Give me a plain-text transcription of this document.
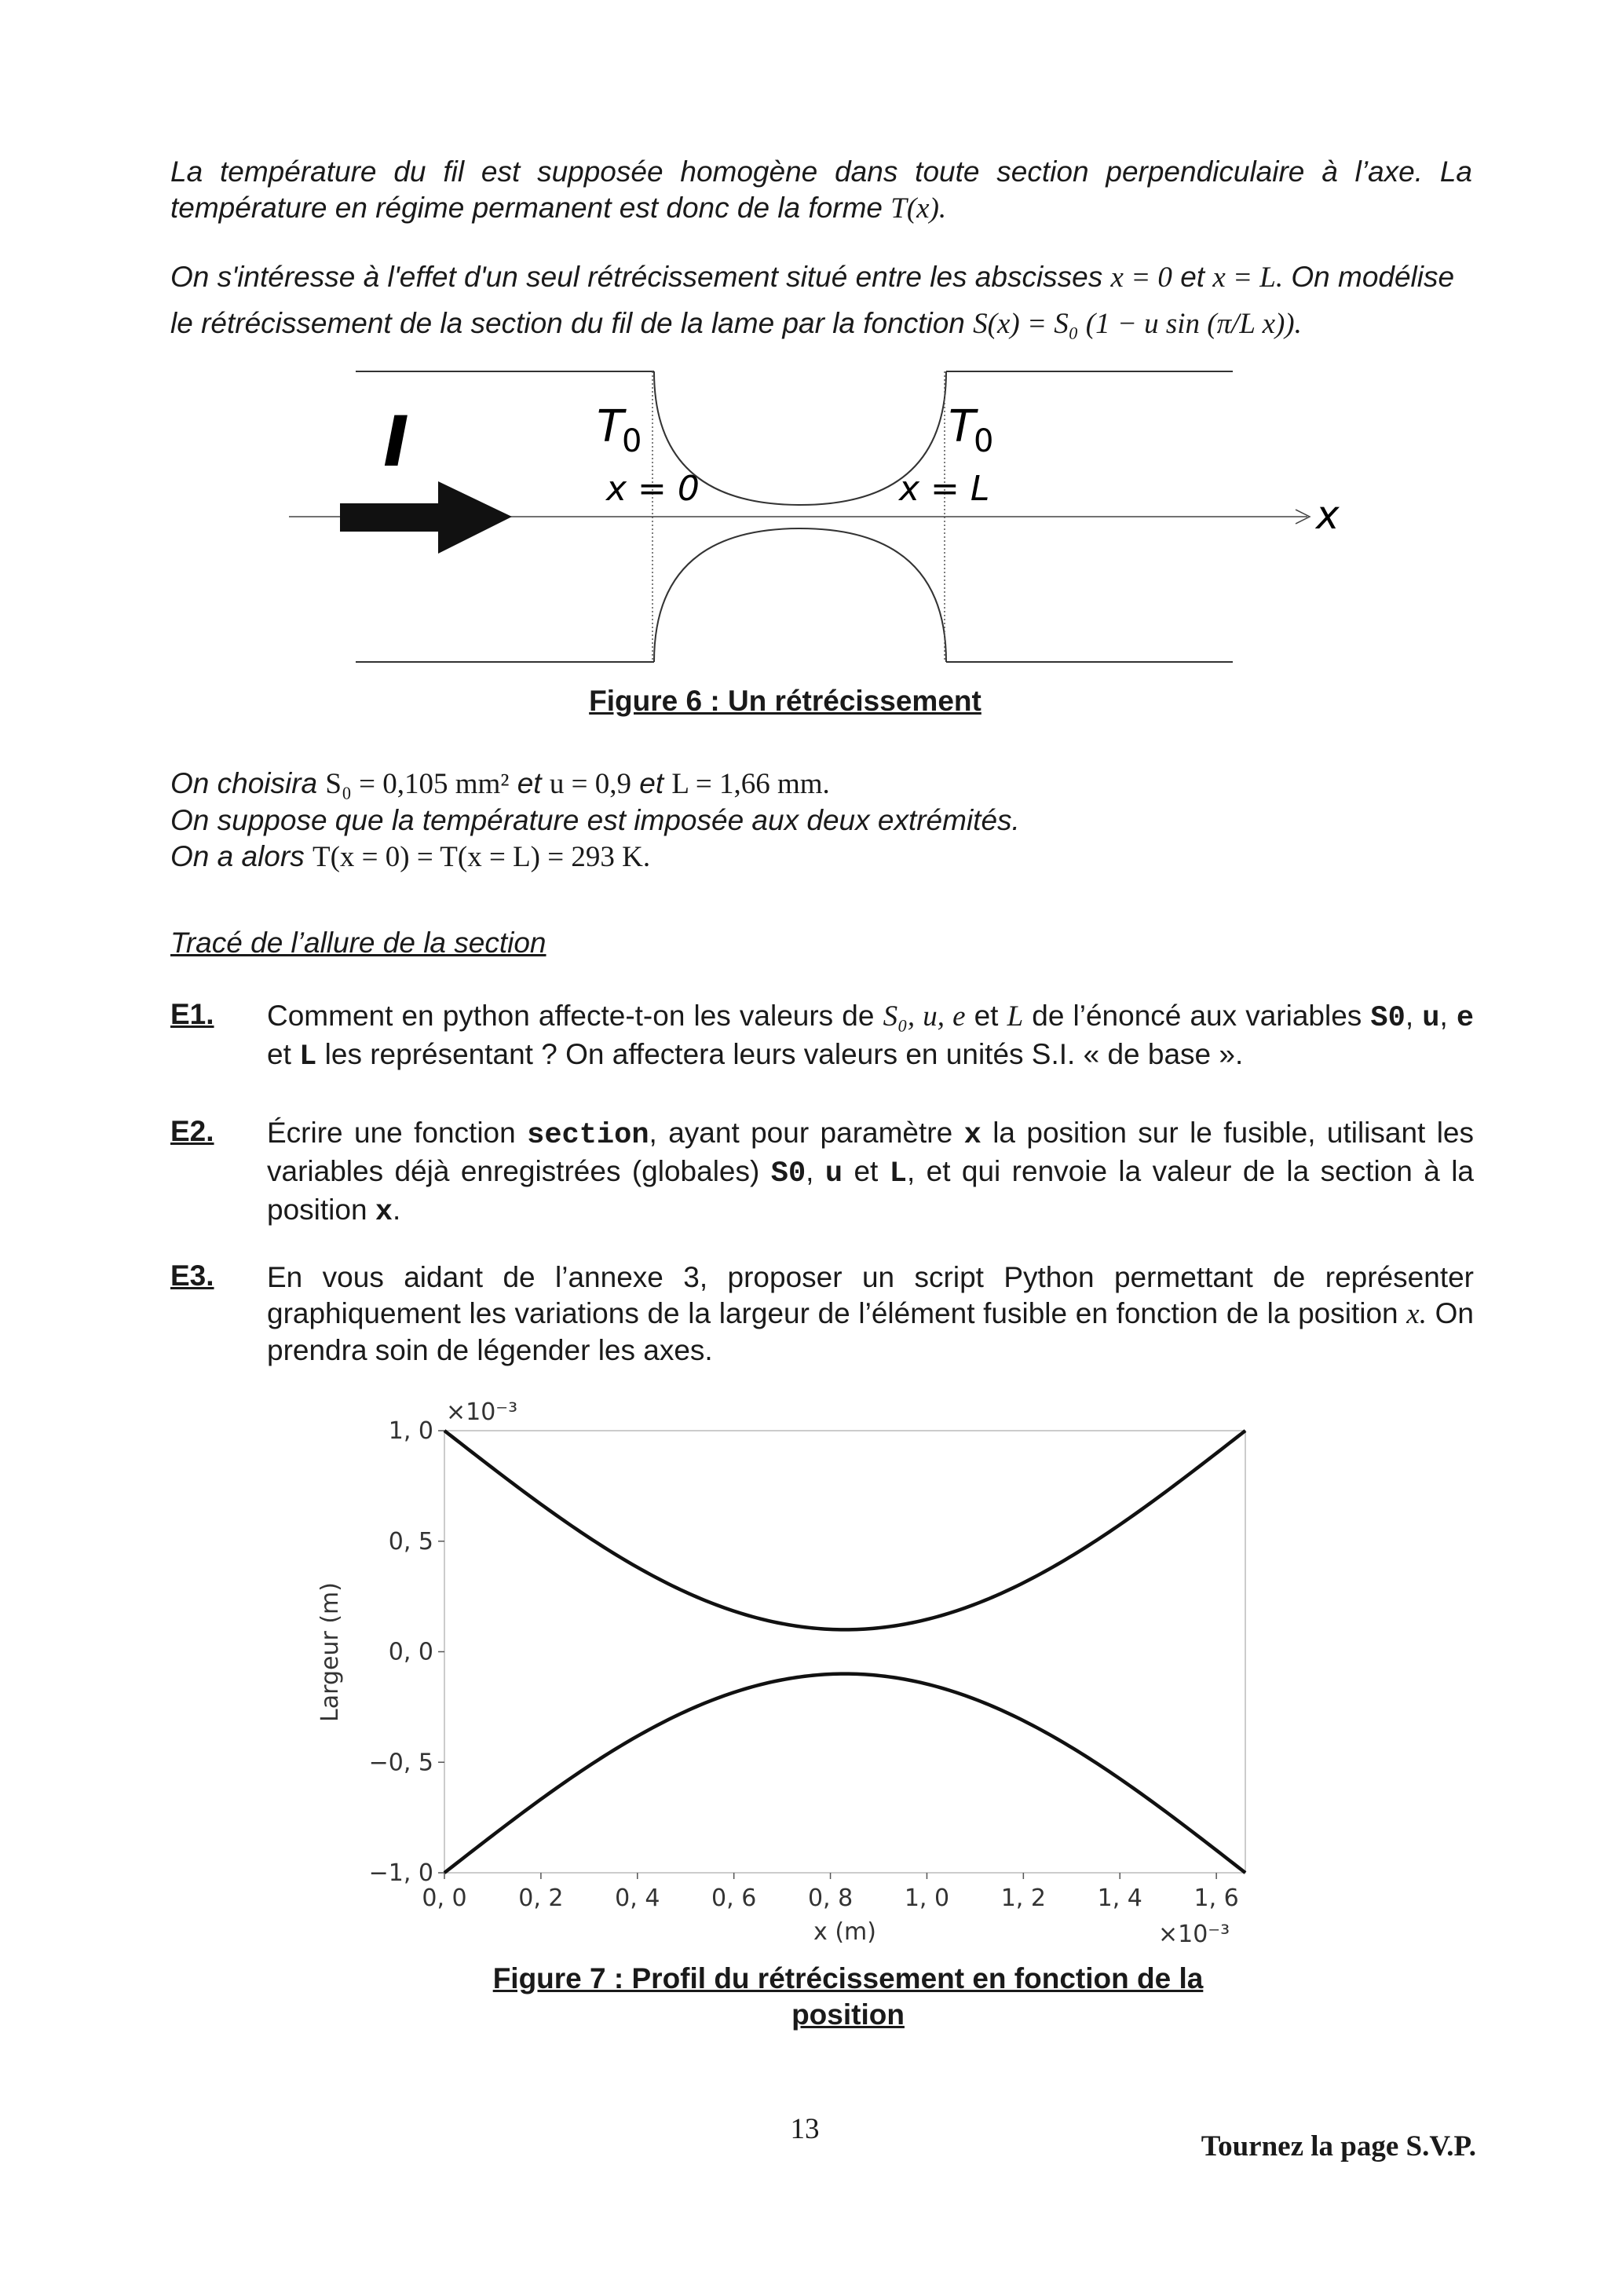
La température du fil est supposée homogène dans toute section perpendiculaire à l’axe. La température en régime permanent est donc de la forme T(x).
On s'intéresse à l'effet d'un seul rétrécissement situé entre les abscisses x = 0 et x = L. On modélise le rétrécissement de la section du fil de la lame par la fonction S(x) = S₀ (1 − u sin (π/L x)).
I	T
0	T
0
x = 0	x = L
x
Figure 6 : Un rétrécissement
On choisira S₀ = 0,105 mm² et u = 0,9 et L = 1,66 mm.
On suppose que la température est imposée aux deux extrémités.
On a alors T(x = 0) = T(x = L) = 293 K.
Tracé de l’allure de la section
E1. Comment en python affecte-t-on les valeurs de S₀, u, e et L de l’énoncé aux variables S0, u, e et L les représentant ? On affectera leurs valeurs en unités S.I. « de base ».
E2. Écrire une fonction section, ayant pour paramètre x la position sur le fusible, utilisant les variables déjà enregistrées (globales) S0, u et L, et qui renvoie la valeur de la section à la position x.
E3. En vous aidant de l’annexe 3, proposer un script Python permettant de représenter graphiquement les variations de la largeur de l’élément fusible en fonction de la position x. On prendra soin de légender les axes.
1, 0
0, 5
0, 0
−0, 5
−1, 0
0, 0 0, 2 0, 4 0, 6 0, 8 1, 0 1, 2 1, 4 1, 6
×10⁻³
×10⁻³
x (m)
Largeur (m)
Figure 7 : Profil du rétrécissement en fonction de la
position
13
Tournez la page S.V.P.
